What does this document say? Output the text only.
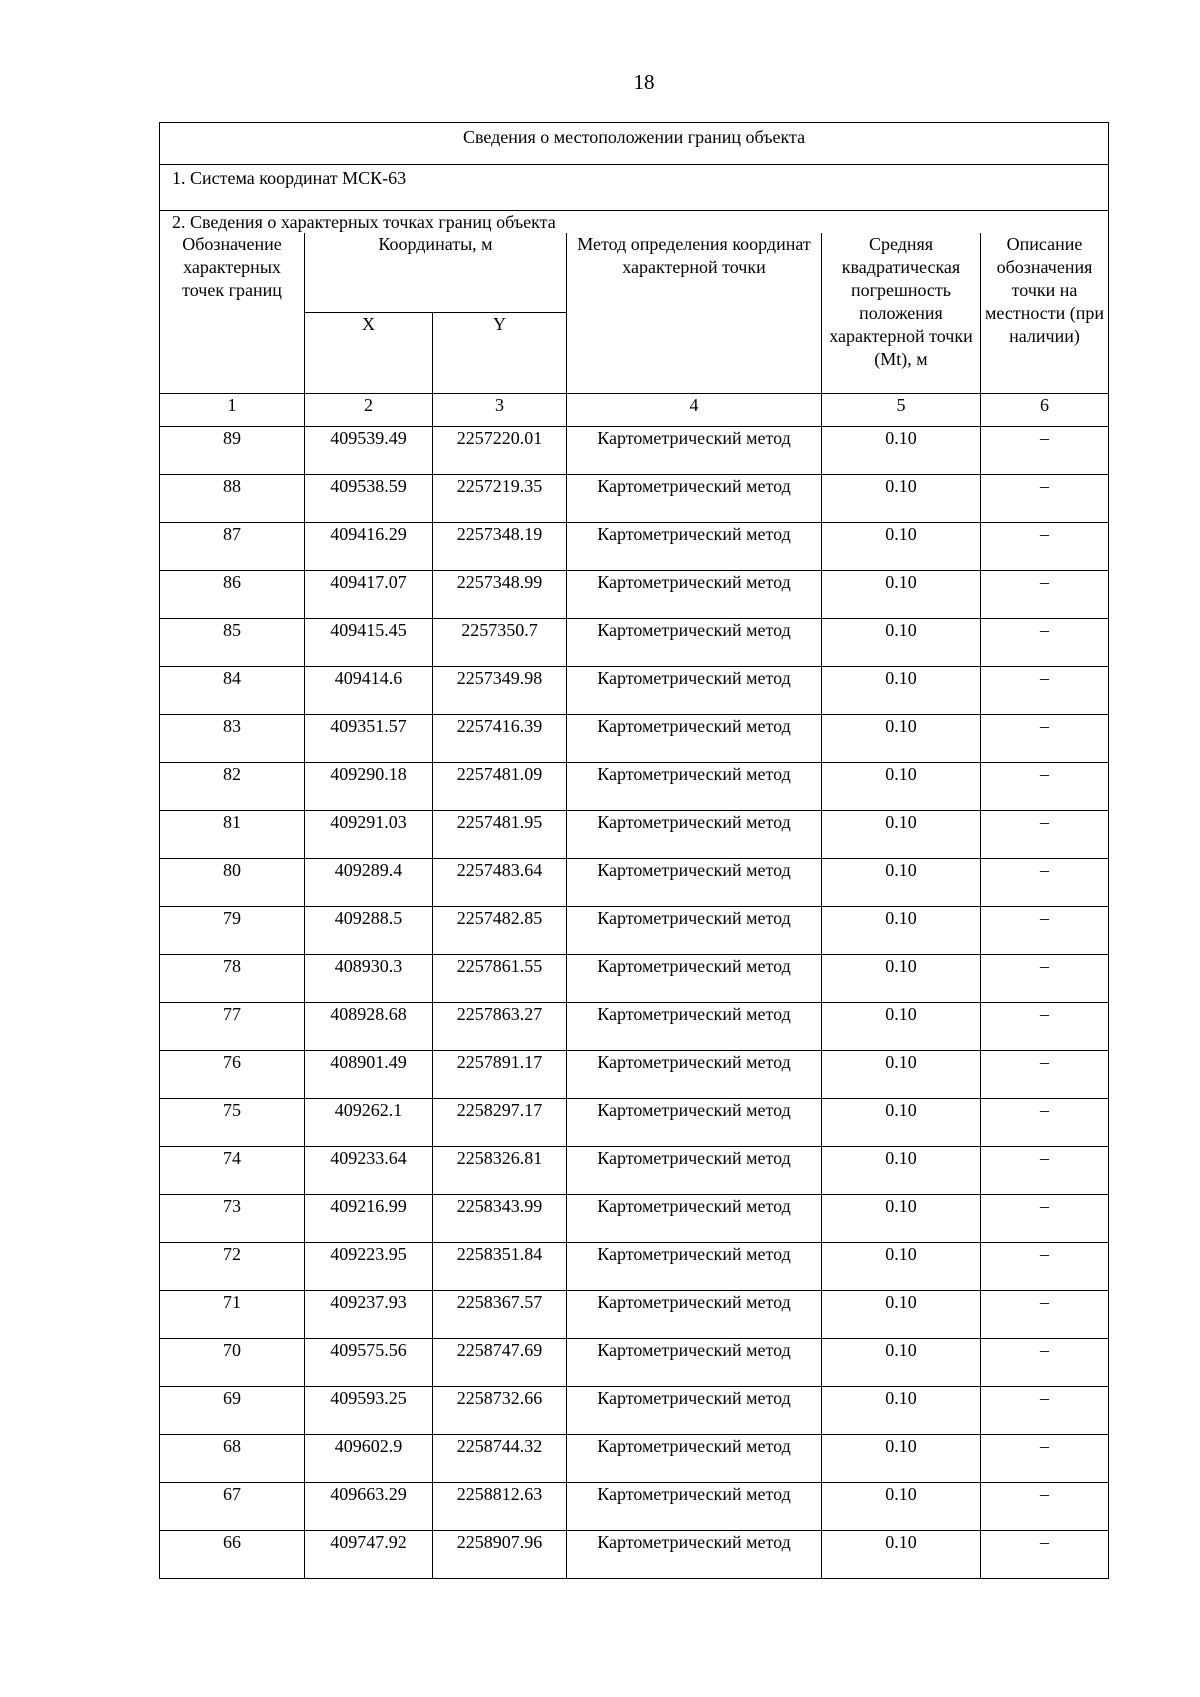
18
Сведения о местоположении границ объекта					
1. Система координат МСК-63					
2. Сведения о характерных точках границ объекта					
Обозначение характерных точек границ	Координаты, м		Метод определения координат характерной точки	Средняя квадратическая погрешность положения характерной точки (Mt), м	Описание обозначения точки на местности (при наличии)
	X	Y			
1	2	3	4	5	6
89	409539.49	2257220.01	Картометрический метод	0.10	–
88	409538.59	2257219.35	Картометрический метод	0.10	–
87	409416.29	2257348.19	Картометрический метод	0.10	–
86	409417.07	2257348.99	Картометрический метод	0.10	–
85	409415.45	2257350.7	Картометрический метод	0.10	–
84	409414.6	2257349.98	Картометрический метод	0.10	–
83	409351.57	2257416.39	Картометрический метод	0.10	–
82	409290.18	2257481.09	Картометрический метод	0.10	–
81	409291.03	2257481.95	Картометрический метод	0.10	–
80	409289.4	2257483.64	Картометрический метод	0.10	–
79	409288.5	2257482.85	Картометрический метод	0.10	–
78	408930.3	2257861.55	Картометрический метод	0.10	–
77	408928.68	2257863.27	Картометрический метод	0.10	–
76	408901.49	2257891.17	Картометрический метод	0.10	–
75	409262.1	2258297.17	Картометрический метод	0.10	–
74	409233.64	2258326.81	Картометрический метод	0.10	–
73	409216.99	2258343.99	Картометрический метод	0.10	–
72	409223.95	2258351.84	Картометрический метод	0.10	–
71	409237.93	2258367.57	Картометрический метод	0.10	–
70	409575.56	2258747.69	Картометрический метод	0.10	–
69	409593.25	2258732.66	Картометрический метод	0.10	–
68	409602.9	2258744.32	Картометрический метод	0.10	–
67	409663.29	2258812.63	Картометрический метод	0.10	–
66	409747.92	2258907.96	Картометрический метод	0.10	–
